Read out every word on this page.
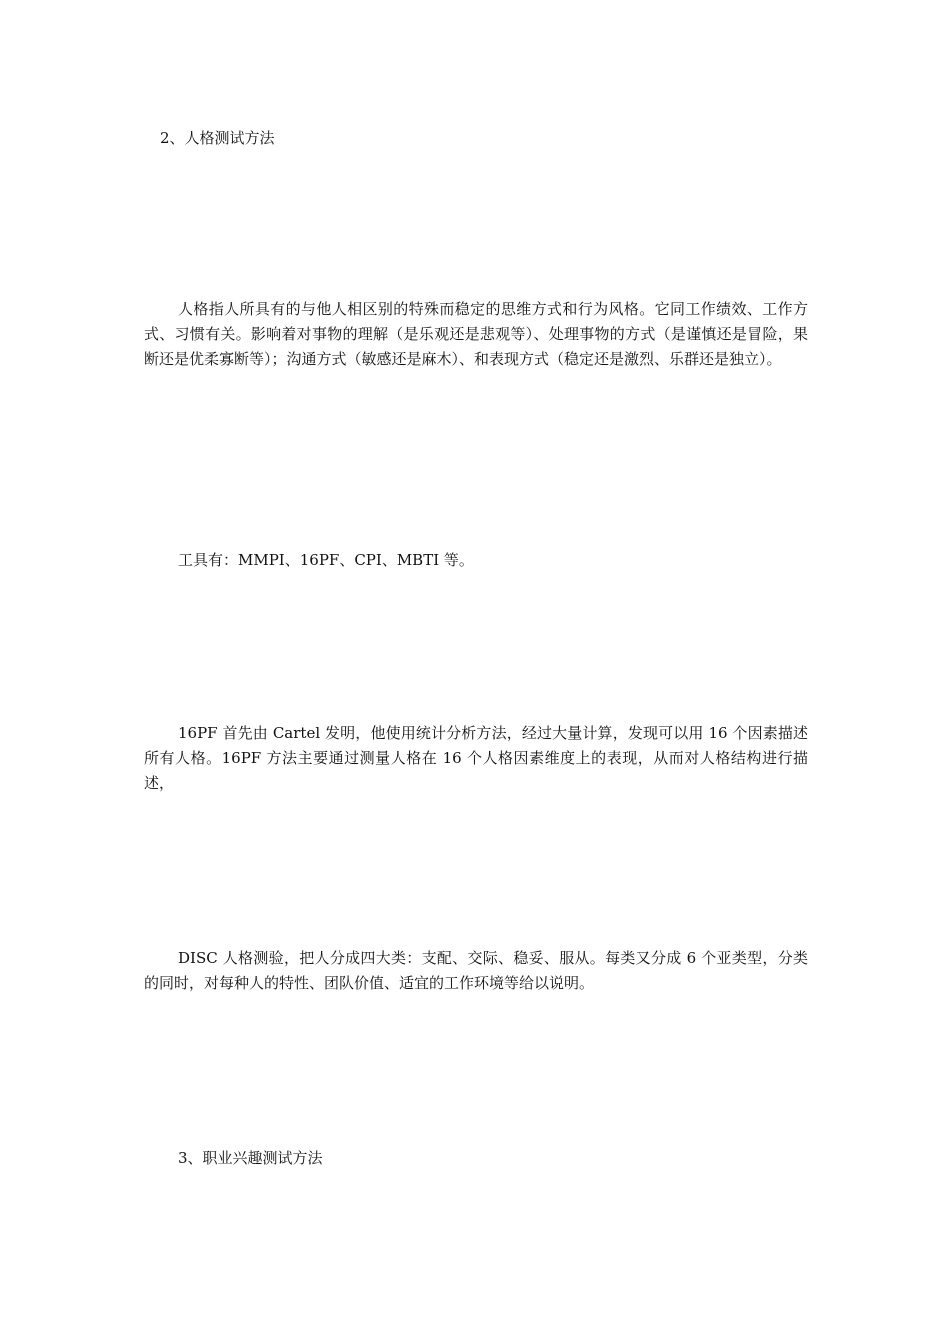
2、人格测试方法

人格指人所具有的与他人相区别的特殊而稳定的思维方式和行为风格。它同工作绩效、工作方式、习惯有关。影响着对事物的理解（是乐观还是悲观等）、处理事物的方式（是谨慎还是冒险，果断还是优柔寡断等）；沟通方式（敏感还是麻木）、和表现方式（稳定还是激烈、乐群还是独立）。

工具有：MMPI、16PF、CPI、MBTI 等。

16PF 首先由 Cartel 发明，他使用统计分析方法，经过大量计算，发现可以用 16 个因素描述所有人格。16PF 方法主要通过测量人格在 16 个人格因素维度上的表现，从而对人格结构进行描述，

DISC 人格测验，把人分成四大类：支配、交际、稳妥、服从。每类又分成 6 个亚类型，分类的同时，对每种人的特性、团队价值、适宜的工作环境等给以说明。

3、职业兴趣测试方法
